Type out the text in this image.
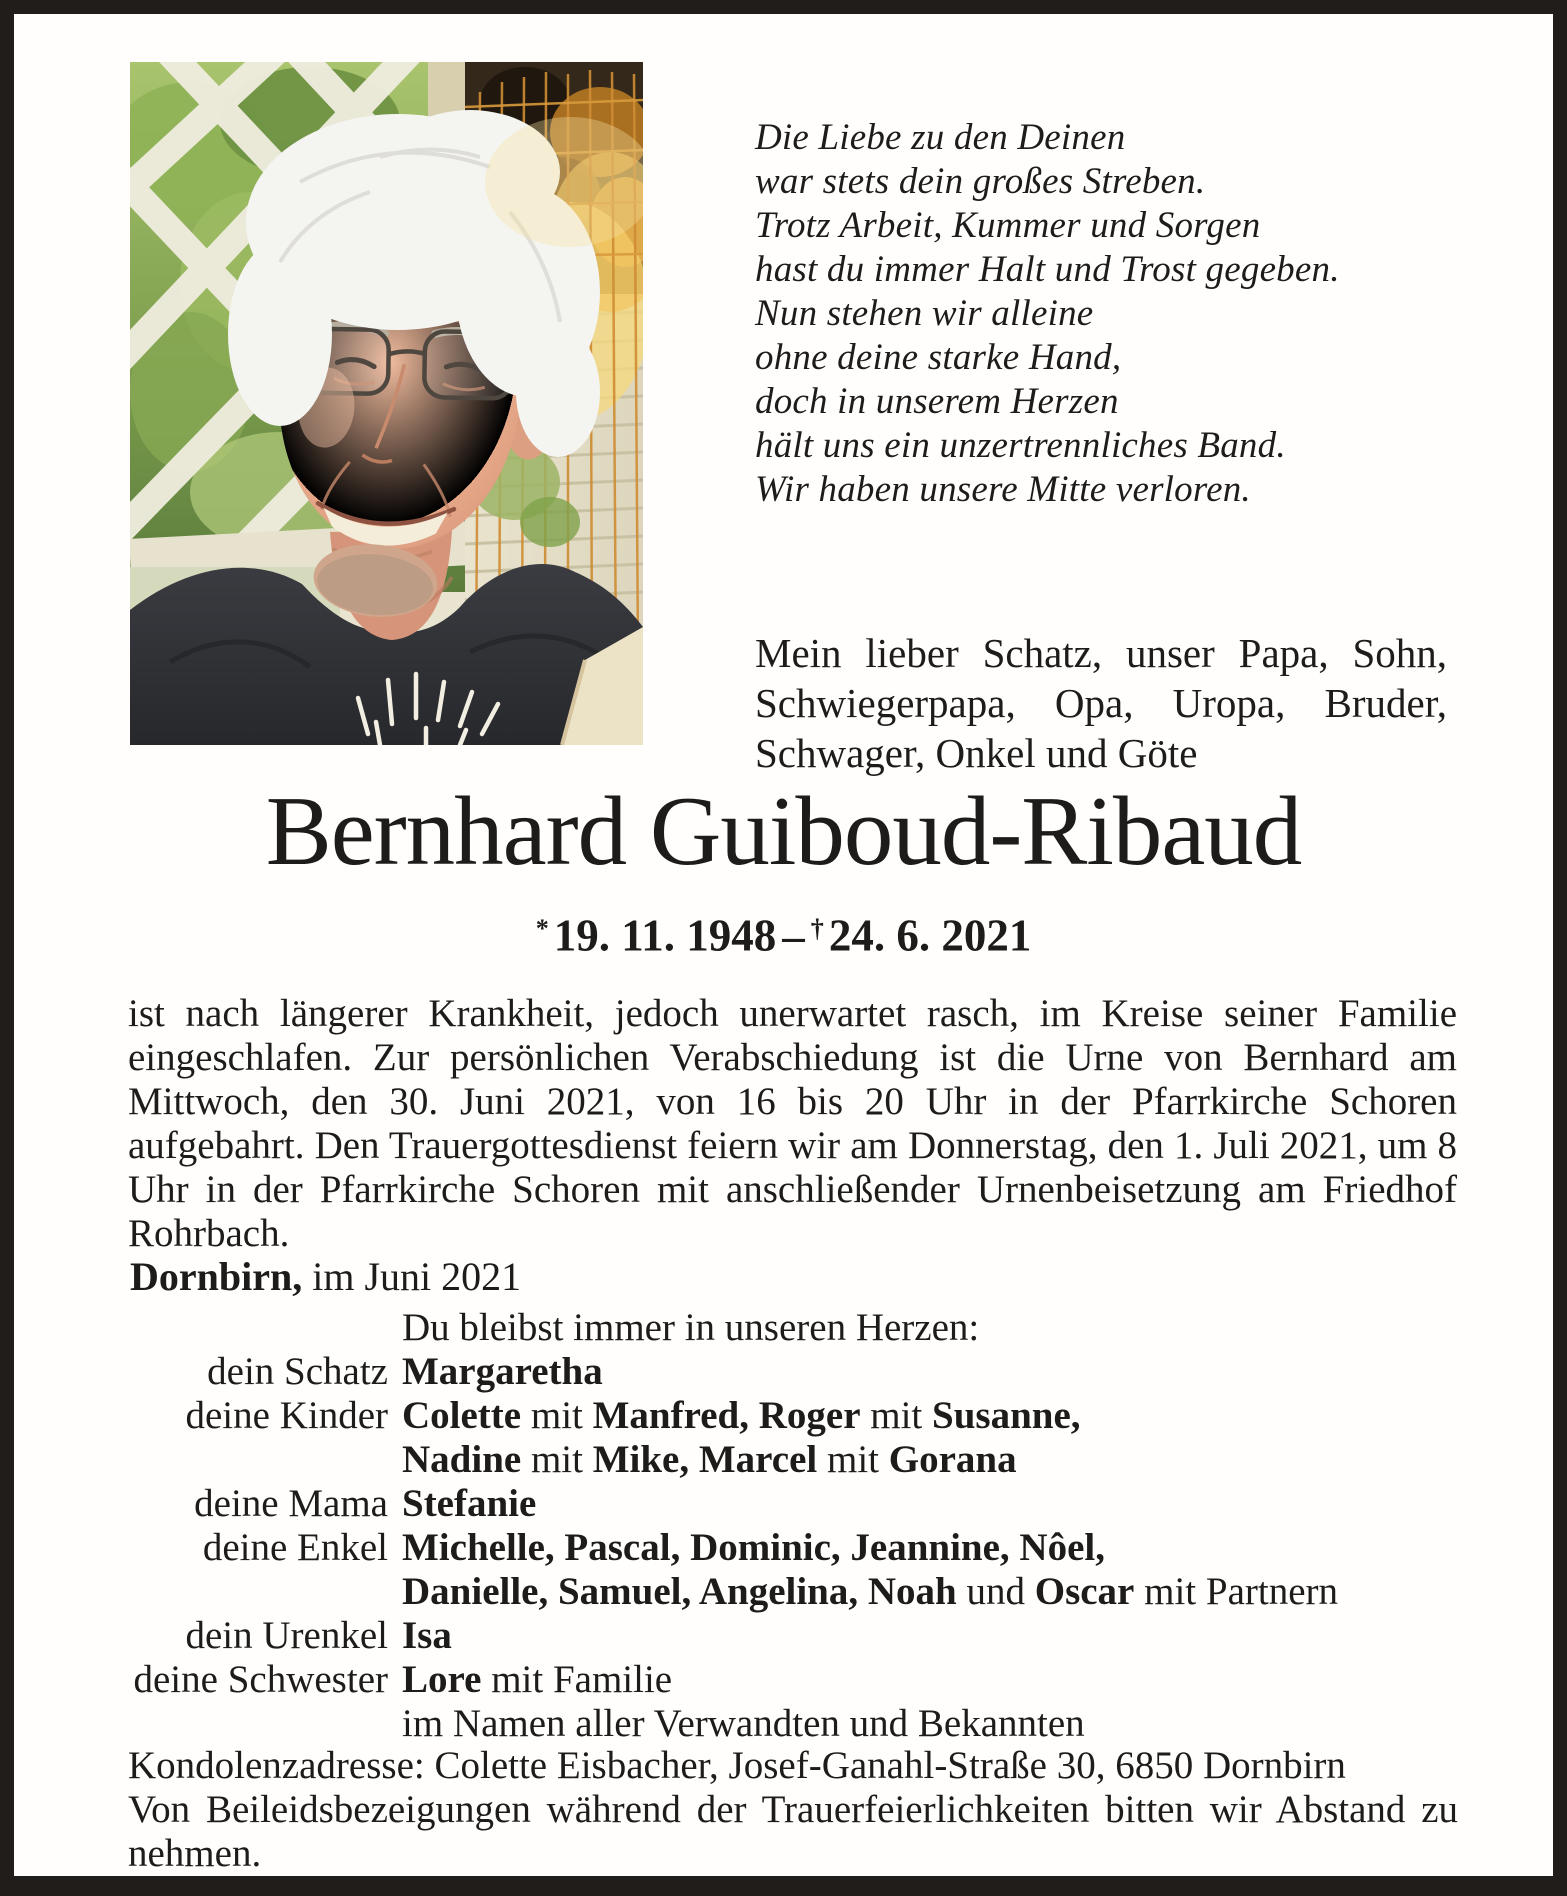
Die Liebe zu den Deinen
war stets dein großes Streben.
Trotz Arbeit, Kummer und Sorgen
hast du immer Halt und Trost gegeben.
Nun stehen wir alleine
ohne deine starke Hand,
doch in unserem Herzen
hält uns ein unzertrennliches Band.
Wir haben unsere Mitte verloren.
Mein lieber Schatz, unser Papa, Sohn, Schwiegerpapa, Opa, Uropa, Bruder, Schwager, Onkel und Göte
Bernhard Guiboud-Ribaud
* 19. 11. 1948 – † 24. 6. 2021
ist nach längerer Krankheit, jedoch unerwartet rasch, im Kreise seiner Familie eingeschlafen. Zur persönlichen Verabschiedung ist die Urne von Bernhard am Mittwoch, den 30. Juni 2021, von 16 bis 20 Uhr in der Pfarrkirche Schoren aufgebahrt. Den Trauergottesdienst feiern wir am Donnerstag, den 1. Juli 2021, um 8 Uhr in der Pfarrkirche Schoren mit anschließender Urnenbeisetzung am Friedhof Rohrbach.
Dornbirn, im Juni 2021
Du bleibst immer in unseren Herzen:
dein Schatz Margaretha
deine Kinder Colette mit Manfred, Roger mit Susanne,
Nadine mit Mike, Marcel mit Gorana
deine Mama Stefanie
deine Enkel Michelle, Pascal, Dominic, Jeannine, Nôel,
Danielle, Samuel, Angelina, Noah und Oscar mit Partnern
dein Urenkel Isa
deine Schwester Lore mit Familie
im Namen aller Verwandten und Bekannten
Kondolenzadresse: Colette Eisbacher, Josef-Ganahl-Straße 30, 6850 Dornbirn
Von Beileidsbezeigungen während der Trauerfeierlichkeiten bitten wir Abstand zu nehmen.
